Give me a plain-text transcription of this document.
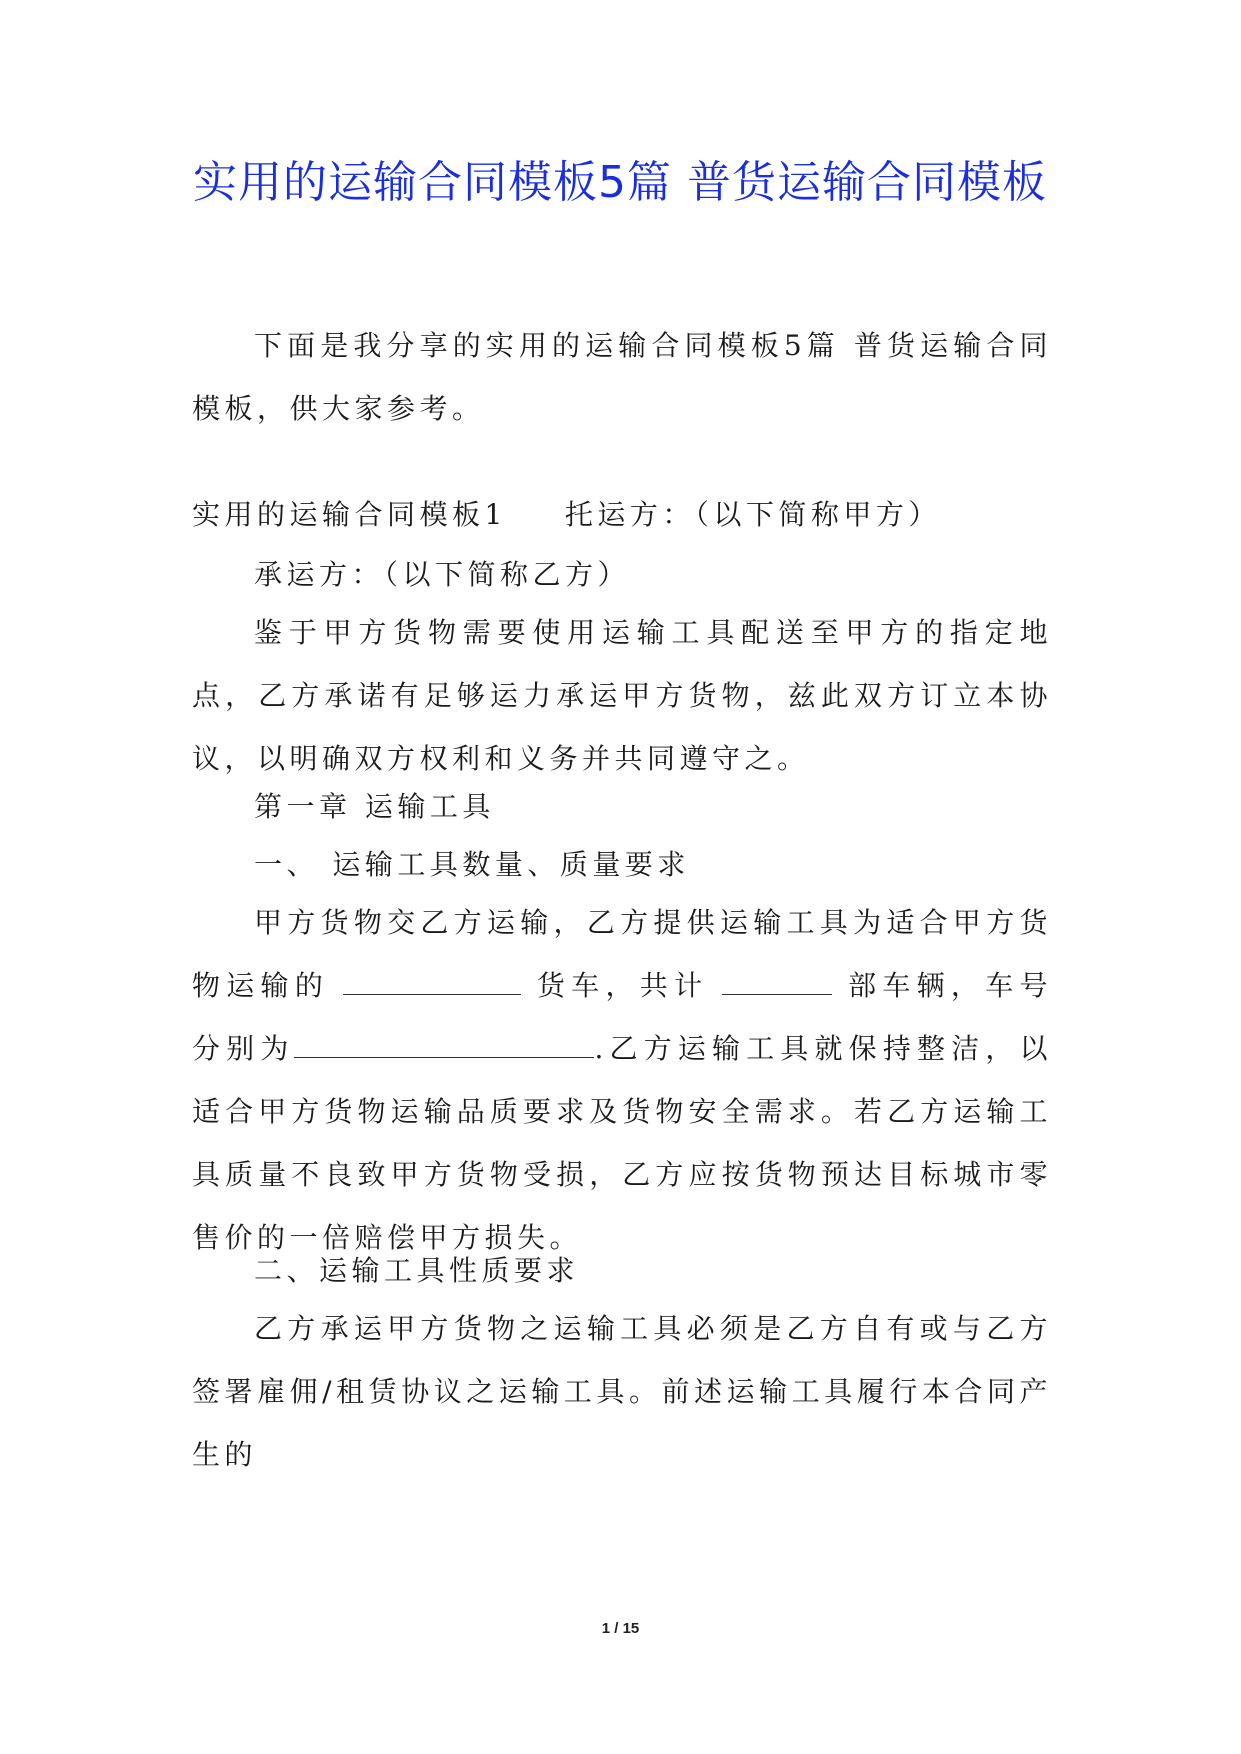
实用的运输合同模板5篇 普货运输合同模板

下面是我分享的实用的运输合同模板5篇 普货运输合同模板，供大家参考。

实用的运输合同模板1 托运方：（以下简称甲方）

承运方：（以下简称乙方）

鉴于甲方货物需要使用运输工具配送至甲方的指定地点，乙方承诺有足够运力承运甲方货物，兹此双方订立本协议，以明确双方权利和义务并共同遵守之。

第一章 运输工具

一、 运输工具数量、质量要求

甲方货物交乙方运输，乙方提供运输工具为适合甲方货物运输的	货车，共计	部车辆，车号分别为	.乙方运输工具就保持整洁，以适合甲方货物运输品质要求及货物安全需求。若乙方运输工具质量不良致甲方货物受损，乙方应按货物预达目标城市零售价的一倍赔偿甲方损失。

二、运输工具性质要求

乙方承运甲方货物之运输工具必须是乙方自有或与乙方签署雇佣/租赁协议之运输工具。前述运输工具履行本合同产生的

1 / 15
